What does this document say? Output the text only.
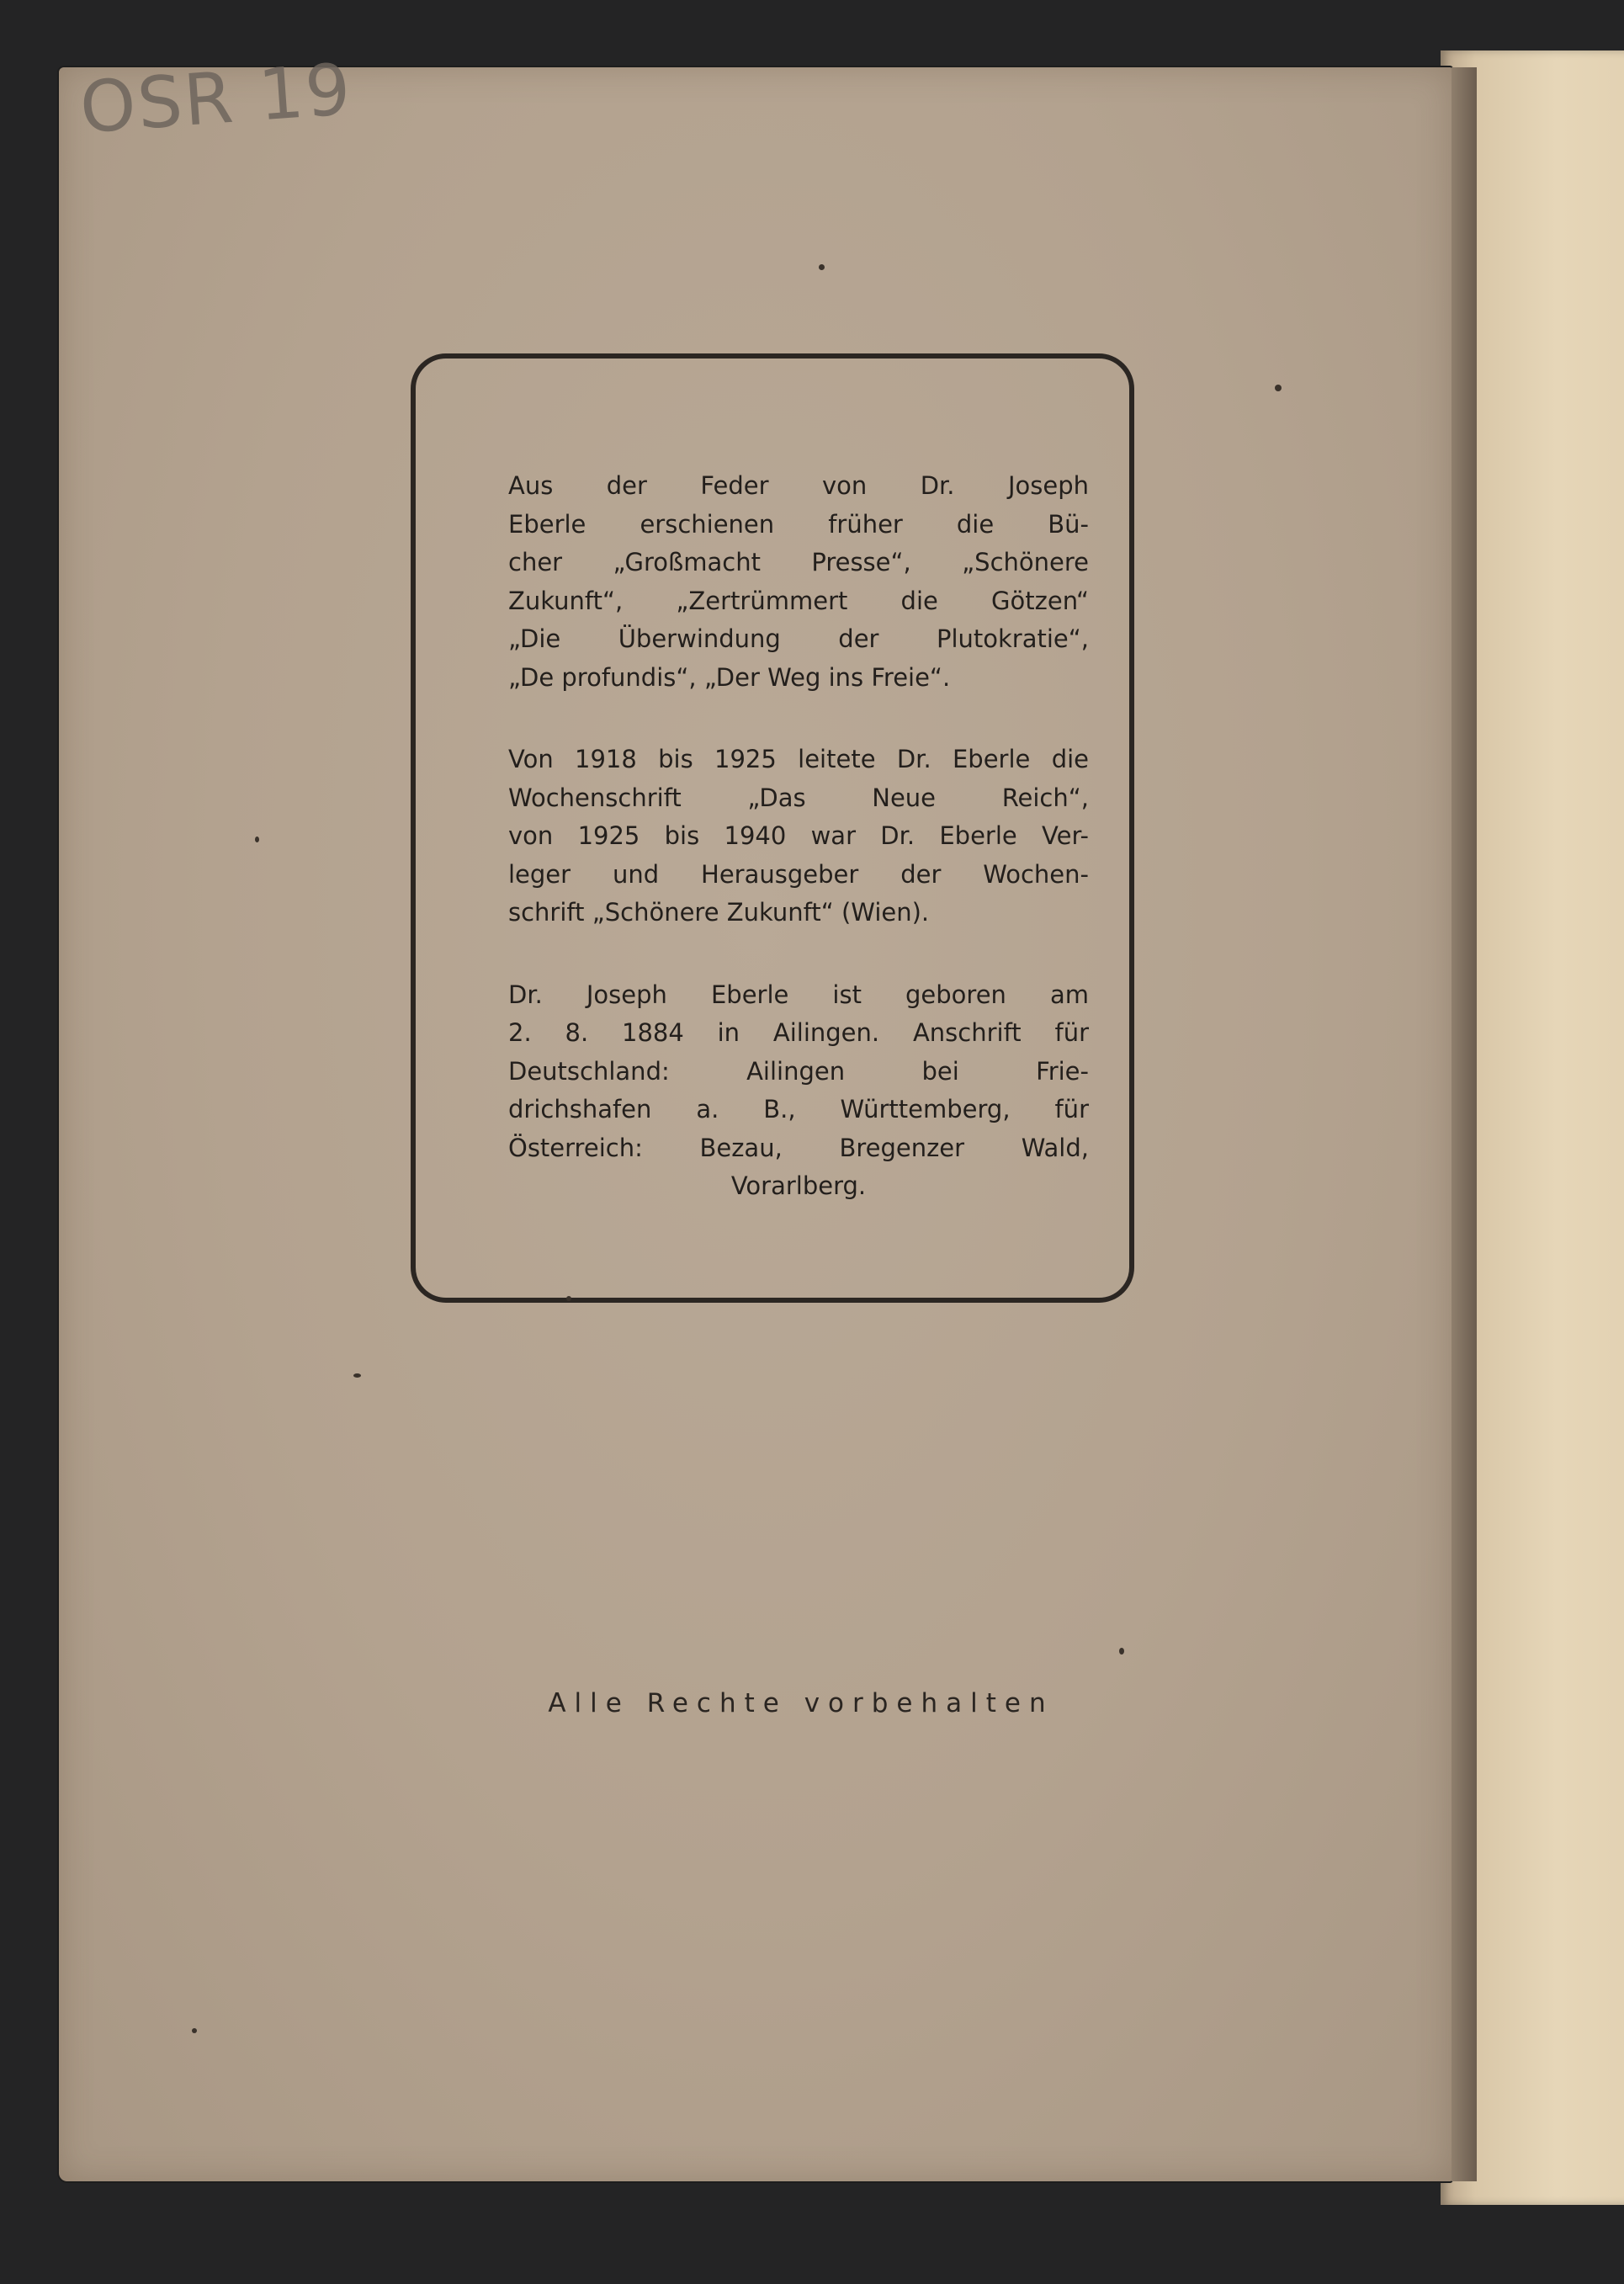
OSR 19
Aus der Feder von Dr. Joseph
Eberle erschienen früher die Bü-
cher „Großmacht Presse“, „Schönere
Zukunft“, „Zertrümmert die Götzen“
„Die Überwindung der Plutokratie“,
„De profundis“, „Der Weg ins Freie“.
Von 1918 bis 1925 leitete Dr. Eberle die
Wochenschrift „Das Neue Reich“,
von 1925 bis 1940 war Dr. Eberle Ver-
leger und Herausgeber der Wochen-
schrift „Schönere Zukunft“ (Wien).
Dr. Joseph Eberle ist geboren am
2. 8. 1884 in Ailingen. Anschrift für
Deutschland: Ailingen bei Frie-
drichshafen a. B., Württemberg, für
Österreich: Bezau, Bregenzer Wald,
Vorarlberg.
Alle Rechte vorbehalten
